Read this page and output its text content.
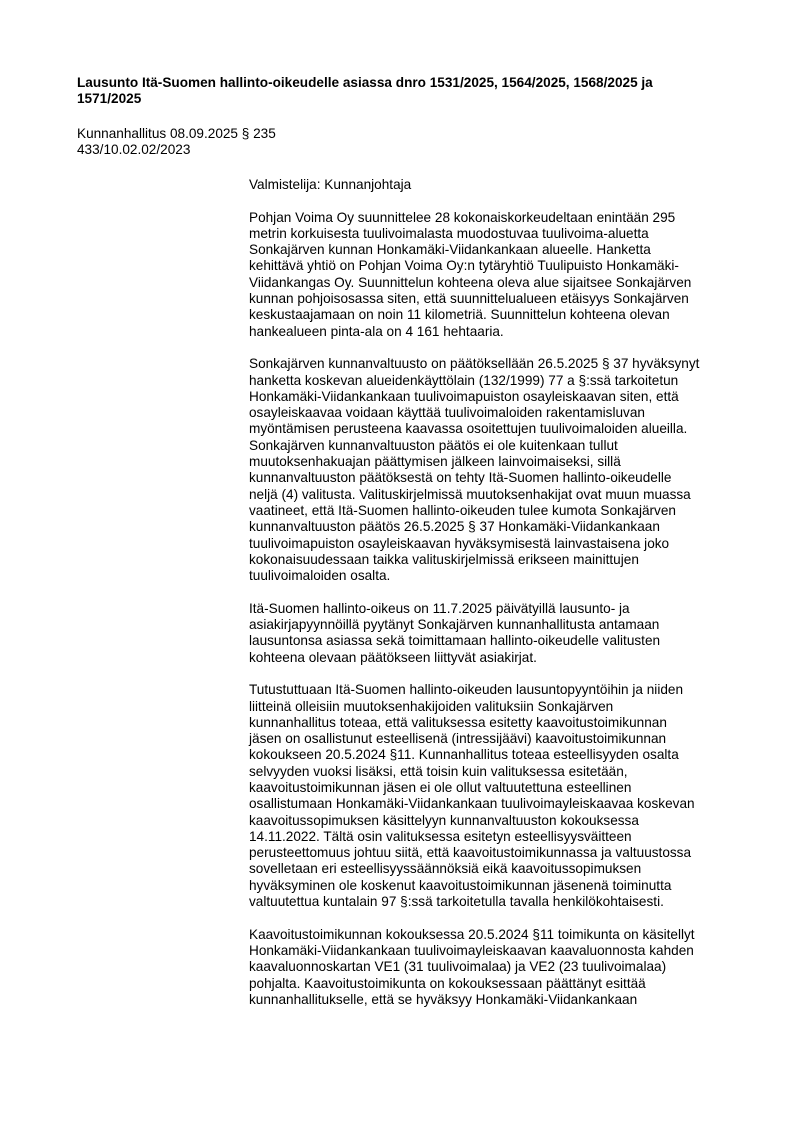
Lausunto Itä-Suomen hallinto-oikeudelle asiassa dnro 1531/2025, 1564/2025, 1568/2025 ja
1571/2025
Kunnanhallitus 08.09.2025 § 235
433/10.02.02/2023
Valmistelija: Kunnanjohtaja
Pohjan Voima Oy suunnittelee 28 kokonaiskorkeudeltaan enintään 295
metrin korkuisesta tuulivoimalasta muodostuvaa tuulivoima-aluetta
Sonkajärven kunnan Honkamäki-Viidankankaan alueelle. Hanketta
kehittävä yhtiö on Pohjan Voima Oy:n tytäryhtiö Tuulipuisto Honkamäki-
Viidankangas Oy. Suunnittelun kohteena oleva alue sijaitsee Sonkajärven
kunnan pohjoisosassa siten, että suunnittelualueen etäisyys Sonkajärven
keskustaajamaan on noin 11 kilometriä. Suunnittelun kohteena olevan
hankealueen pinta-ala on 4 161 hehtaaria.
Sonkajärven kunnanvaltuusto on päätöksellään 26.5.2025 § 37 hyväksynyt
hanketta koskevan alueidenkäyttölain (132/1999) 77 a §:ssä tarkoitetun
Honkamäki-Viidankankaan tuulivoimapuiston osayleiskaavan siten, että
osayleiskaavaa voidaan käyttää tuulivoimaloiden rakentamisluvan
myöntämisen perusteena kaavassa osoitettujen tuulivoimaloiden alueilla.
Sonkajärven kunnanvaltuuston päätös ei ole kuitenkaan tullut
muutoksenhakuajan päättymisen jälkeen lainvoimaiseksi, sillä
kunnanvaltuuston päätöksestä on tehty Itä-Suomen hallinto-oikeudelle
neljä (4) valitusta. Valituskirjelmissä muutoksenhakijat ovat muun muassa
vaatineet, että Itä-Suomen hallinto-oikeuden tulee kumota Sonkajärven
kunnanvaltuuston päätös 26.5.2025 § 37 Honkamäki-Viidankankaan
tuulivoimapuiston osayleiskaavan hyväksymisestä lainvastaisena joko
kokonaisuudessaan taikka valituskirjelmissä erikseen mainittujen
tuulivoimaloiden osalta.
Itä-Suomen hallinto-oikeus on 11.7.2025 päivätyillä lausunto- ja
asiakirjapyynnöillä pyytänyt Sonkajärven kunnanhallitusta antamaan
lausuntonsa asiassa sekä toimittamaan hallinto-oikeudelle valitusten
kohteena olevaan päätökseen liittyvät asiakirjat.
Tutustuttuaan Itä-Suomen hallinto-oikeuden lausuntopyyntöihin ja niiden
liitteinä olleisiin muutoksenhakijoiden valituksiin Sonkajärven
kunnanhallitus toteaa, että valituksessa esitetty kaavoitustoimikunnan
jäsen on osallistunut esteellisenä (intressijäävi) kaavoitustoimikunnan
kokoukseen 20.5.2024 §11. Kunnanhallitus toteaa esteellisyyden osalta
selvyyden vuoksi lisäksi, että toisin kuin valituksessa esitetään,
kaavoitustoimikunnan jäsen ei ole ollut valtuutettuna esteellinen
osallistumaan Honkamäki-Viidankankaan tuulivoimayleiskaavaa koskevan
kaavoitussopimuksen käsittelyyn kunnanvaltuuston kokouksessa
14.11.2022. Tältä osin valituksessa esitetyn esteellisyysväitteen
perusteettomuus johtuu siitä, että kaavoitustoimikunnassa ja valtuustossa
sovelletaan eri esteellisyyssäännöksiä eikä kaavoitussopimuksen
hyväksyminen ole koskenut kaavoitustoimikunnan jäsenenä toiminutta
valtuutettua kuntalain 97 §:ssä tarkoitetulla tavalla henkilökohtaisesti.
Kaavoitustoimikunnan kokouksessa 20.5.2024 §11 toimikunta on käsitellyt
Honkamäki-Viidankankaan tuulivoimayleiskaavan kaavaluonnosta kahden
kaavaluonnoskartan VE1 (31 tuulivoimalaa) ja VE2 (23 tuulivoimalaa)
pohjalta. Kaavoitustoimikunta on kokouksessaan päättänyt esittää
kunnanhallitukselle, että se hyväksyy Honkamäki-Viidankankaan
